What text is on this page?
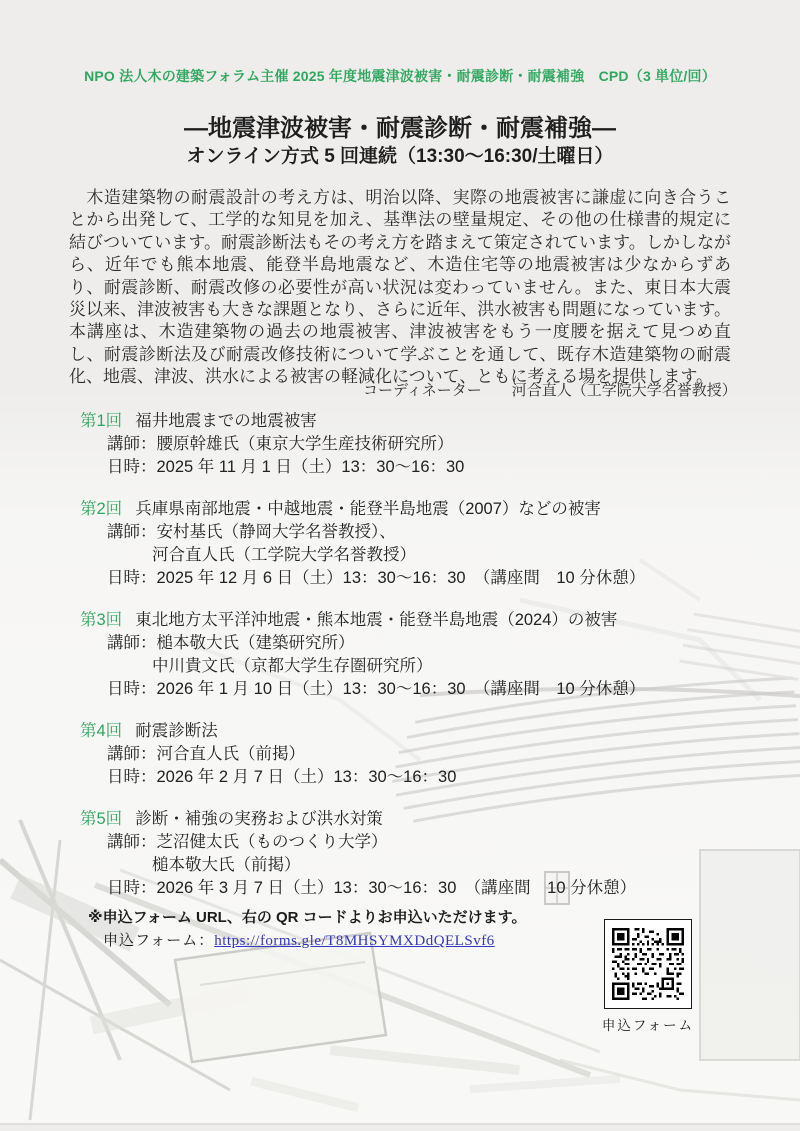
NPO 法人木の建築フォラム主催 2025 年度地震津波被害・耐震診断・耐震補強　CPD（3 単位/回）
―地震津波被害・耐震診断・耐震補強―
オンライン方式 5 回連続（13:30～16:30/土曜日）

　木造建築物の耐震設計の考え方は、明治以降、実際の地震被害に謙虚に向き合うことから出発して、工学的な知見を加え、基準法の壁量規定、その他の仕様書的規定に結びついています。耐震診断法もその考え方を踏まえて策定されています。しかしながら、近年でも熊本地震、能登半島地震など、木造住宅等の地震被害は少なからずあり、耐震診断、耐震改修の必要性が高い状況は変わっていません。また、東日本大震災以来、津波被害も大きな課題となり、さらに近年、洪水被害も問題になっています。本講座は、木造建築物の過去の地震被害、津波被害をもう一度腰を据えて見つめ直し、耐震診断法及び耐震改修技術について学ぶことを通して、既存木造建築物の耐震化、地震、津波、洪水による被害の軽減化について、ともに考える場を提供します。

コーディネーター　　河合直人（工学院大学名誉教授）
第1回 福井地震までの地震被害
講師：腰原幹雄氏（東京大学生産技術研究所）
日時：2025 年 11 月 1 日（土）13：30～16：30
第2回 兵庫県南部地震・中越地震・能登半島地震（2007）などの被害
講師：安村基氏（静岡大学名誉教授）、
河合直人氏（工学院大学名誉教授）
日時：2025 年 12 月 6 日（土）13：30～16：30　（講座間　10 分休憩）
第3回 東北地方太平洋沖地震・熊本地震・能登半島地震（2024）の被害
講師：槌本敬大氏（建築研究所）
中川貴文氏（京都大学生存圏研究所）
日時：2026 年 1 月 10 日（土）13：30～16：30　（講座間　10 分休憩）
第4回 耐震診断法
講師：河合直人氏（前掲）
日時：2026 年 2 月 7 日（土）13：30～16：30
第5回 診断・補強の実務および洪水対策
講師：芝沼健太氏（ものつくり大学）
槌本敬大氏（前掲）
日時：2026 年 3 月 7 日（土）13：30～16：30　（講座間　10 分休憩）
※申込フォーム URL、右の QR コードよりお申込いただけます。
申込フォーム：https://forms.gle/T8MHSYMXDdQELSvf6
申込フォーム
